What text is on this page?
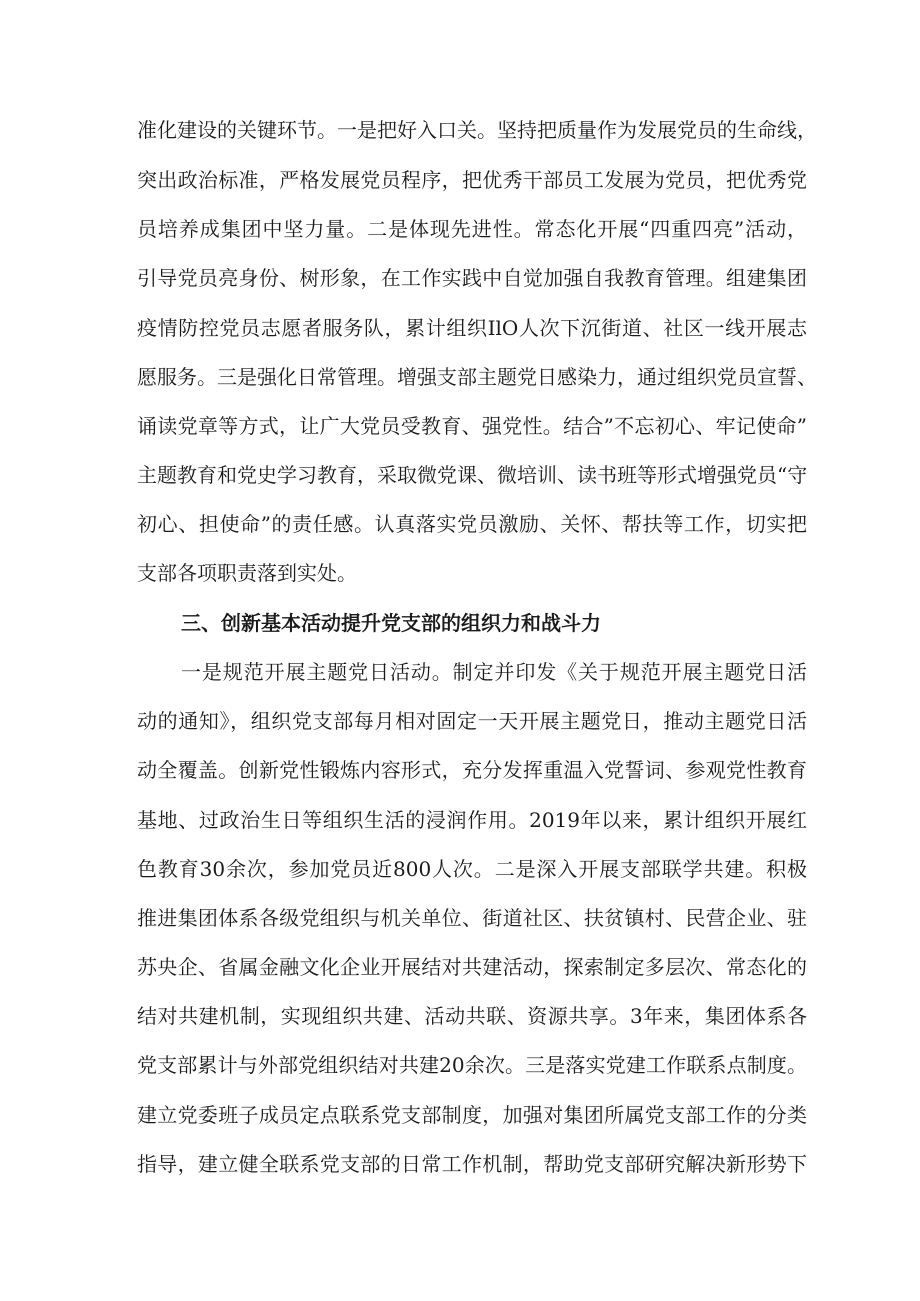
准化建设的关键环节。一是把好入口关。坚持把质量作为发展党员的生命线，

突出政治标准，严格发展党员程序，把优秀干部员工发展为党员，把优秀党

员培养成集团中坚力量。二是体现先进性。常态化开展“四重四亮”活动，

引导党员亮身份、树形象，在工作实践中自觉加强自我教育管理。组建集团

疫情防控党员志愿者服务队，累计组织IlO人次下沉街道、社区一线开展志

愿服务。三是强化日常管理。增强支部主题党日感染力，通过组织党员宣誓、

诵读党章等方式，让广大党员受教育、强党性。结合”不忘初心、牢记使命”

主题教育和党史学习教育，采取微党课、微培训、读书班等形式增强党员“守

初心、担使命”的责任感。认真落实党员激励、关怀、帮扶等工作，切实把

支部各项职责落到实处。

三、创新基本活动提升党支部的组织力和战斗力

一是规范开展主题党日活动。制定并印发《关于规范开展主题党日活

动的通知》，组织党支部每月相对固定一天开展主题党日，推动主题党日活

动全覆盖。创新党性锻炼内容形式，充分发挥重温入党誓词、参观党性教育

基地、过政治生日等组织生活的浸润作用。2019年以来，累计组织开展红

色教育30余次，参加党员近800人次。二是深入开展支部联学共建。积极

推进集团体系各级党组织与机关单位、街道社区、扶贫镇村、民营企业、驻

苏央企、省属金融文化企业开展结对共建活动，探索制定多层次、常态化的

结对共建机制，实现组织共建、活动共联、资源共享。3年来，集团体系各

党支部累计与外部党组织结对共建20余次。三是落实党建工作联系点制度。

建立党委班子成员定点联系党支部制度，加强对集团所属党支部工作的分类

指导，建立健全联系党支部的日常工作机制，帮助党支部研究解决新形势下
